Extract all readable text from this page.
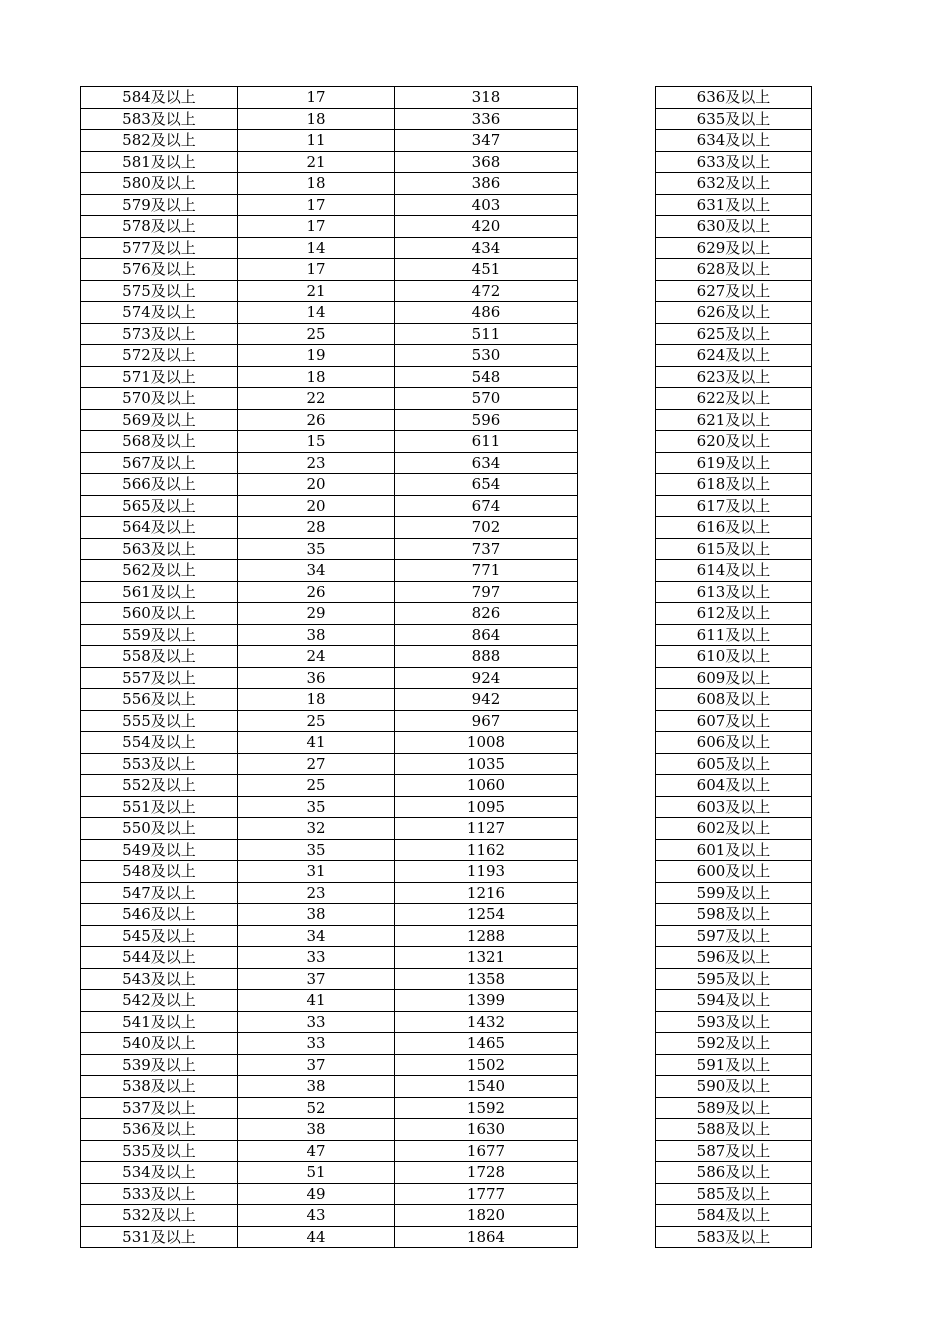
584及以上	17	318
583及以上	18	336
582及以上	11	347
581及以上	21	368
580及以上	18	386
579及以上	17	403
578及以上	17	420
577及以上	14	434
576及以上	17	451
575及以上	21	472
574及以上	14	486
573及以上	25	511
572及以上	19	530
571及以上	18	548
570及以上	22	570
569及以上	26	596
568及以上	15	611
567及以上	23	634
566及以上	20	654
565及以上	20	674
564及以上	28	702
563及以上	35	737
562及以上	34	771
561及以上	26	797
560及以上	29	826
559及以上	38	864
558及以上	24	888
557及以上	36	924
556及以上	18	942
555及以上	25	967
554及以上	41	1008
553及以上	27	1035
552及以上	25	1060
551及以上	35	1095
550及以上	32	1127
549及以上	35	1162
548及以上	31	1193
547及以上	23	1216
546及以上	38	1254
545及以上	34	1288
544及以上	33	1321
543及以上	37	1358
542及以上	41	1399
541及以上	33	1432
540及以上	33	1465
539及以上	37	1502
538及以上	38	1540
537及以上	52	1592
536及以上	38	1630
535及以上	47	1677
534及以上	51	1728
533及以上	49	1777
532及以上	43	1820
531及以上	44	1864
636及以上
635及以上
634及以上
633及以上
632及以上
631及以上
630及以上
629及以上
628及以上
627及以上
626及以上
625及以上
624及以上
623及以上
622及以上
621及以上
620及以上
619及以上
618及以上
617及以上
616及以上
615及以上
614及以上
613及以上
612及以上
611及以上
610及以上
609及以上
608及以上
607及以上
606及以上
605及以上
604及以上
603及以上
602及以上
601及以上
600及以上
599及以上
598及以上
597及以上
596及以上
595及以上
594及以上
593及以上
592及以上
591及以上
590及以上
589及以上
588及以上
587及以上
586及以上
585及以上
584及以上
583及以上
